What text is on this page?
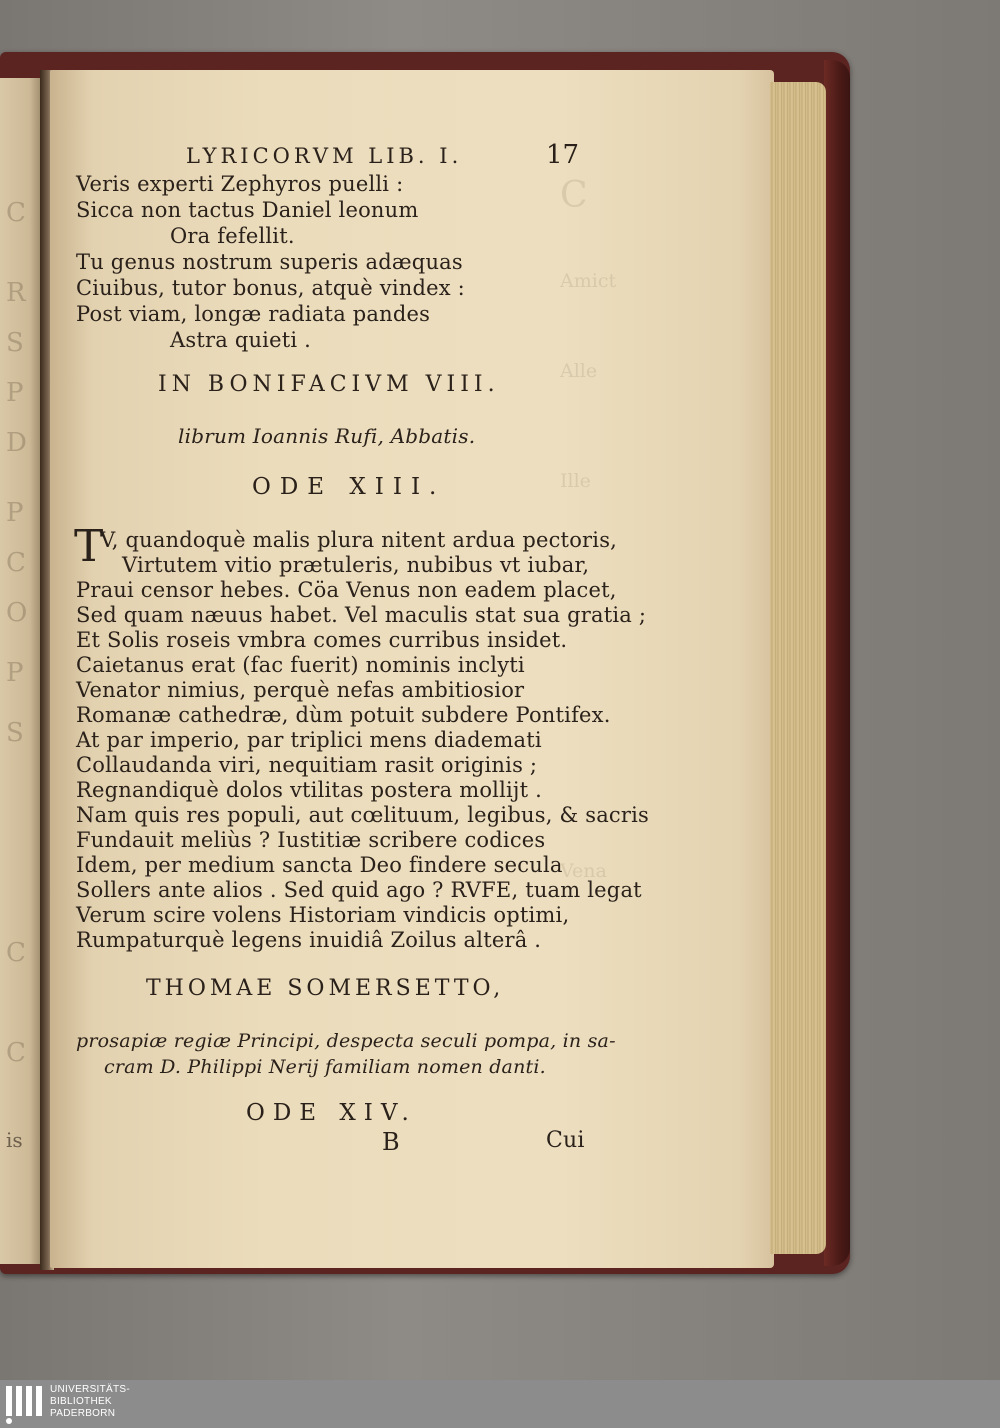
C
R
S
P
D
P
C
O
P
S
C
C
is
C
Amict
Alle
Ille
Vena
LYRICORVM LIB. I.	17
Veris experti Zephyros puelli :
Sicca non tactus Daniel leonum
Ora fefellit.
Tu genus nostrum superis adæquas
Ciuibus, tutor bonus, atquè vindex :
Post viam, longæ radiata pandes
Astra quieti .
IN BONIFACIVM VIII.
librum Ioannis Rufi, Abbatis.
ODE XIII.
T
V, quandoquè malis plura nitent ardua pectoris,
Virtutem vitio prætuleris, nubibus vt iubar,
Praui censor hebes. Cöa Venus non eadem placet,
Sed quam næuus habet. Vel maculis stat sua gratia ;
Et Solis roseis vmbra comes curribus insidet.
Caietanus erat (fac fuerit) nominis inclyti
Venator nimius, perquè nefas ambitiosior
Romanæ cathedræ, dùm potuit subdere Pontifex.
At par imperio, par triplici mens diademati
Collaudanda viri, nequitiam rasit originis ;
Regnandiquè dolos vtilitas postera mollijt .
Nam quis res populi, aut cœlituum, legibus, & sacris
Fundauit meliùs ? Iustitiæ scribere codices
Idem, per medium sancta Deo findere secula
Sollers ante alios . Sed quid ago ? RVFE, tuam legat
Verum scire volens Historiam vindicis optimi,
Rumpaturquè legens inuidiâ Zoilus alterâ .
THOMAE SOMERSETTO,
prosapiæ regiæ Principi, despecta seculi pompa, in sa-
cram D. Philippi Nerij familiam nomen danti.
ODE XIV.
B	Cui
UNIVERSITÄTS-
BIBLIOTHEK
PADERBORN
